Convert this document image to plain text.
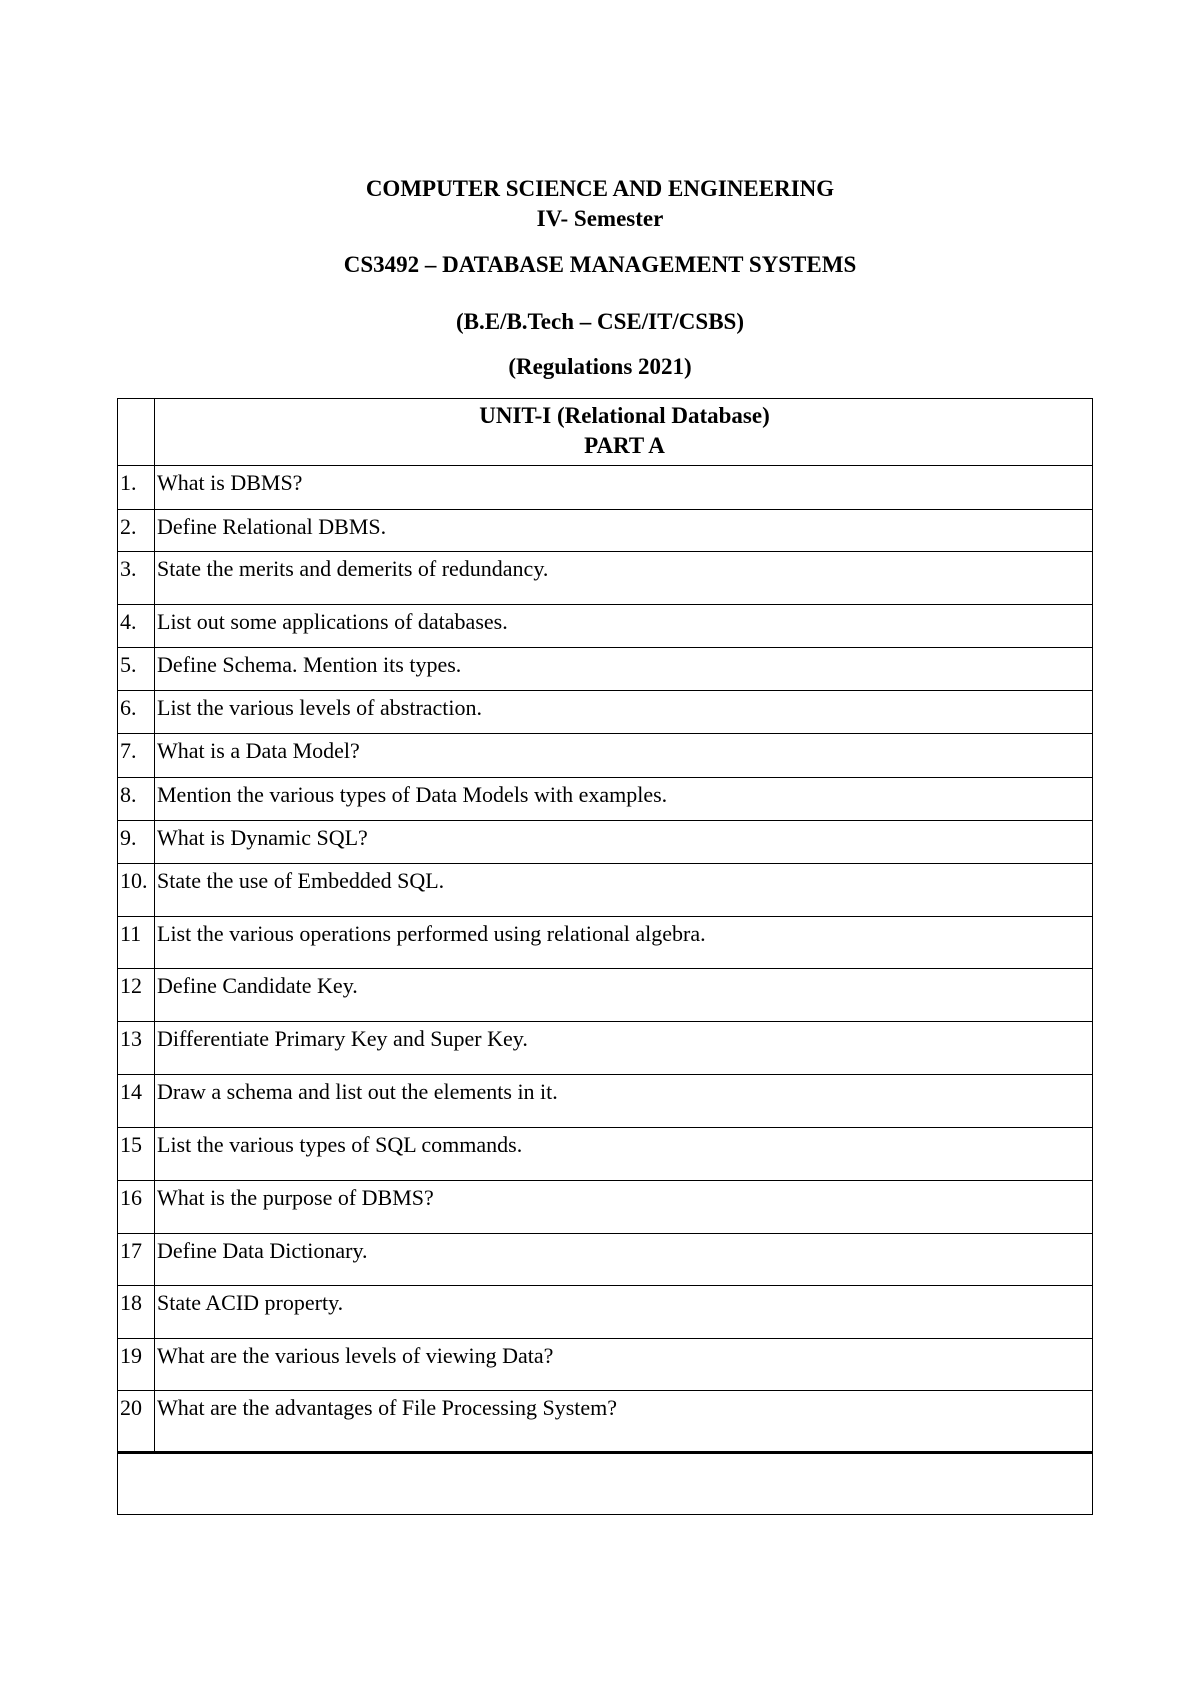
COMPUTER SCIENCE AND ENGINEERING
IV- Semester
CS3492 – DATABASE MANAGEMENT SYSTEMS
(B.E/B.Tech – CSE/IT/CSBS)
(Regulations 2021)

	UNIT-I (Relational Database)
PART A

1.	What is DBMS?
2.	Define Relational DBMS.
3.	State the merits and demerits of redundancy.
4.	List out some applications of databases.
5.	Define Schema. Mention its types.
6.	List the various levels of abstraction.
7.	What is a Data Model?
8.	Mention the various types of Data Models with examples.
9.	What is Dynamic SQL?
10.	State the use of Embedded SQL.
11	List the various operations performed using relational algebra.
12	Define Candidate Key.
13	Differentiate Primary Key and Super Key.
14	Draw a schema and list out the elements in it.
15	List the various types of SQL commands.
16	What is the purpose of DBMS?
17	Define Data Dictionary.
18	State ACID property.
19	What are the various levels of viewing Data?
20	What are the advantages of File Processing System?
